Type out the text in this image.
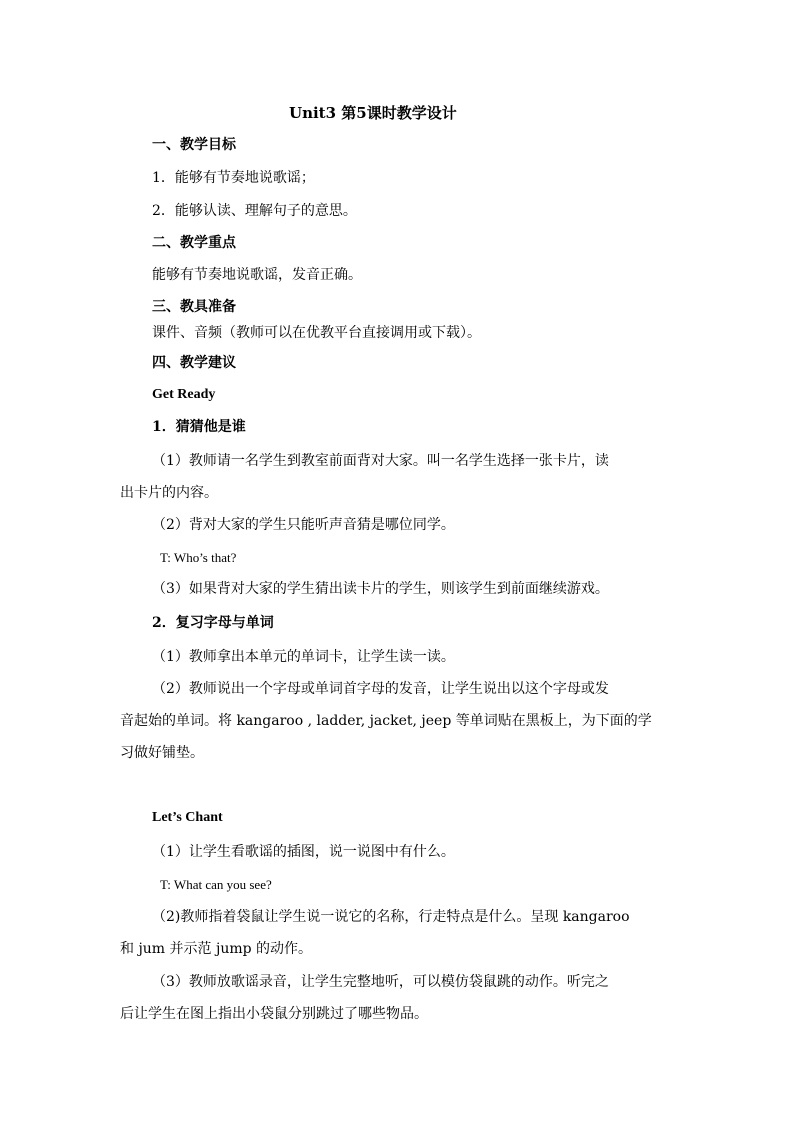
Unit3 第5课时教学设计
一、教学目标
1．能够有节奏地说歌谣；
2．能够认读、理解句子的意思。
二、教学重点
能够有节奏地说歌谣，发音正确。
三、教具准备
课件、音频（教师可以在优教平台直接调用或下载）。
四、教学建议
Get Ready
1．猜猜他是谁
（1）教师请一名学生到教室前面背对大家。叫一名学生选择一张卡片，读
出卡片的内容。
（2）背对大家的学生只能听声音猜是哪位同学。
T: Who’s that?
（3）如果背对大家的学生猜出读卡片的学生，则该学生到前面继续游戏。
2．复习字母与单词
（1）教师拿出本单元的单词卡，让学生读一读。
（2）教师说出一个字母或单词首字母的发音，让学生说出以这个字母或发
音起始的单词。将 kangaroo , ladder, jacket, jeep 等单词贴在黑板上，为下面的学
习做好铺垫。
Let’s Chant
（1）让学生看歌谣的插图，说一说图中有什么。
T: What can you see?
（2)教师指着袋鼠让学生说一说它的名称，行走特点是什么。呈现 kangaroo
和 jum 并示范 jump 的动作。
（3）教师放歌谣录音，让学生完整地听，可以模仿袋鼠跳的动作。听完之
后让学生在图上指出小袋鼠分别跳过了哪些物品。
